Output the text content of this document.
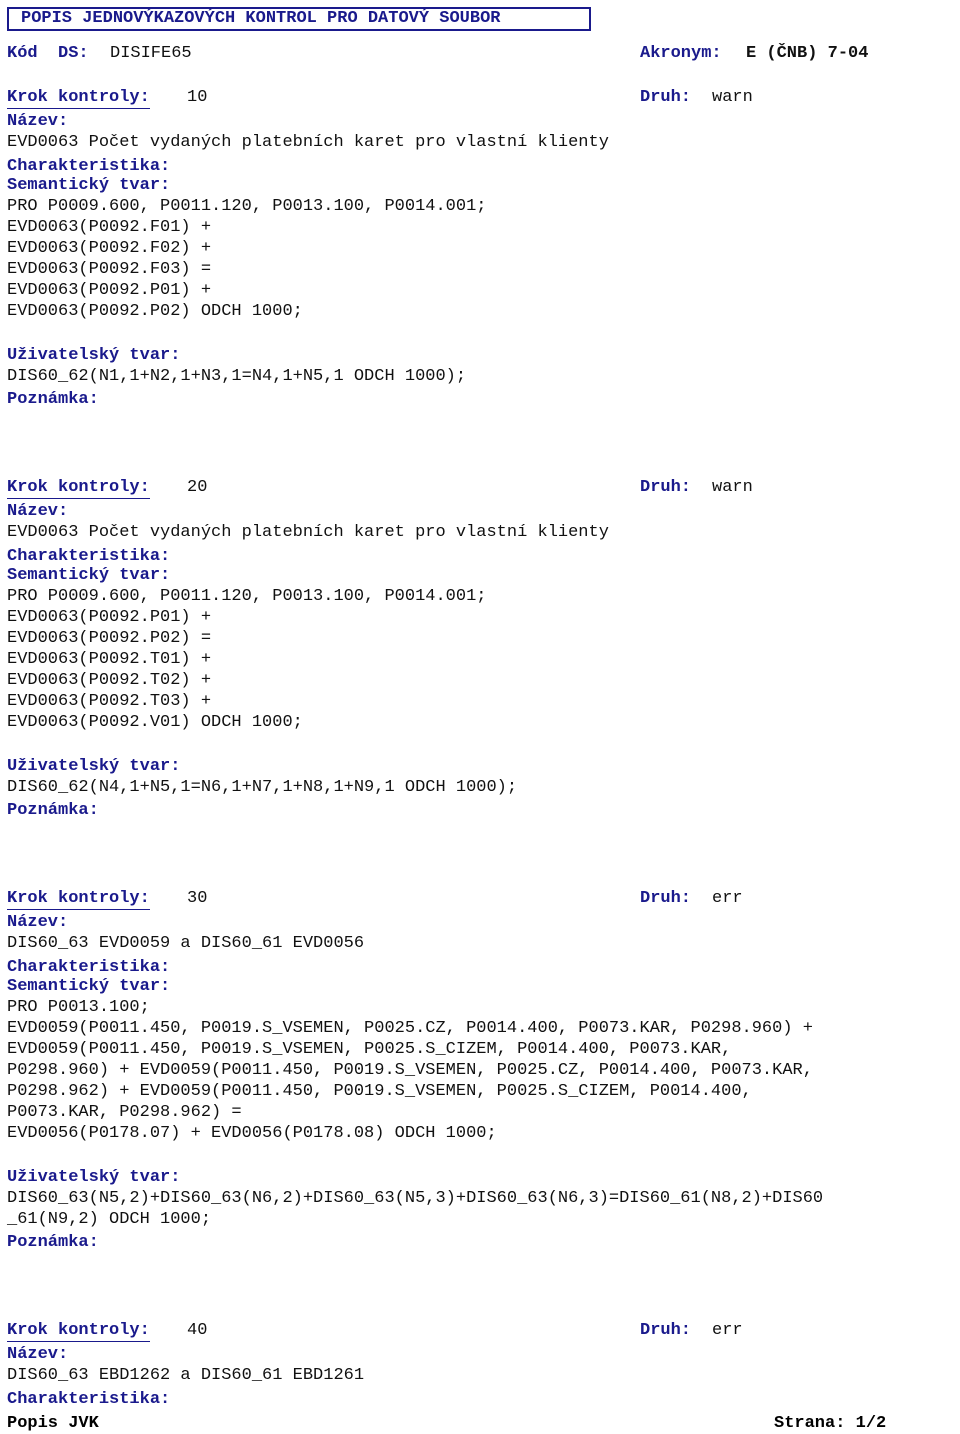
POPIS JEDNOVÝKAZOVÝCH KONTROL PRO DATOVÝ SOUBOR
Kód  DS: DISIFE65	Akronym: E (ČNB) 7-04
Krok kontroly: 10	Druh: warn
Název:
EVD0063 Počet vydaných platebních karet pro vlastní klienty
Charakteristika:
Semantický tvar:
PRO P0009.600, P0011.120, P0013.100, P0014.001;
EVD0063(P0092.F01) +
EVD0063(P0092.F02) +
EVD0063(P0092.F03) =
EVD0063(P0092.P01) +
EVD0063(P0092.P02) ODCH 1000;
Uživatelský tvar:
DIS60_62(N1,1+N2,1+N3,1=N4,1+N5,1 ODCH 1000);
Poznámka:
Krok kontroly: 20	Druh: warn
Název:
EVD0063 Počet vydaných platebních karet pro vlastní klienty
Charakteristika:
Semantický tvar:
PRO P0009.600, P0011.120, P0013.100, P0014.001;
EVD0063(P0092.P01) +
EVD0063(P0092.P02) =
EVD0063(P0092.T01) +
EVD0063(P0092.T02) +
EVD0063(P0092.T03) +
EVD0063(P0092.V01) ODCH 1000;
Uživatelský tvar:
DIS60_62(N4,1+N5,1=N6,1+N7,1+N8,1+N9,1 ODCH 1000);
Poznámka:
Krok kontroly: 30	Druh: err
Název:
DIS60_63 EVD0059 a DIS60_61 EVD0056
Charakteristika:
Semantický tvar:
PRO P0013.100;
EVD0059(P0011.450, P0019.S_VSEMEN, P0025.CZ, P0014.400, P0073.KAR, P0298.960) +
EVD0059(P0011.450, P0019.S_VSEMEN, P0025.S_CIZEM, P0014.400, P0073.KAR,
P0298.960) + EVD0059(P0011.450, P0019.S_VSEMEN, P0025.CZ, P0014.400, P0073.KAR,
P0298.962) + EVD0059(P0011.450, P0019.S_VSEMEN, P0025.S_CIZEM, P0014.400,
P0073.KAR, P0298.962) =
EVD0056(P0178.07) + EVD0056(P0178.08) ODCH 1000;
Uživatelský tvar:
DIS60_63(N5,2)+DIS60_63(N6,2)+DIS60_63(N5,3)+DIS60_63(N6,3)=DIS60_61(N8,2)+DIS60
_61(N9,2) ODCH 1000;
Poznámka:
Krok kontroly: 40	Druh: err
Název:
DIS60_63 EBD1262 a DIS60_61 EBD1261
Charakteristika:
Popis JVK	Strana: 1/2
